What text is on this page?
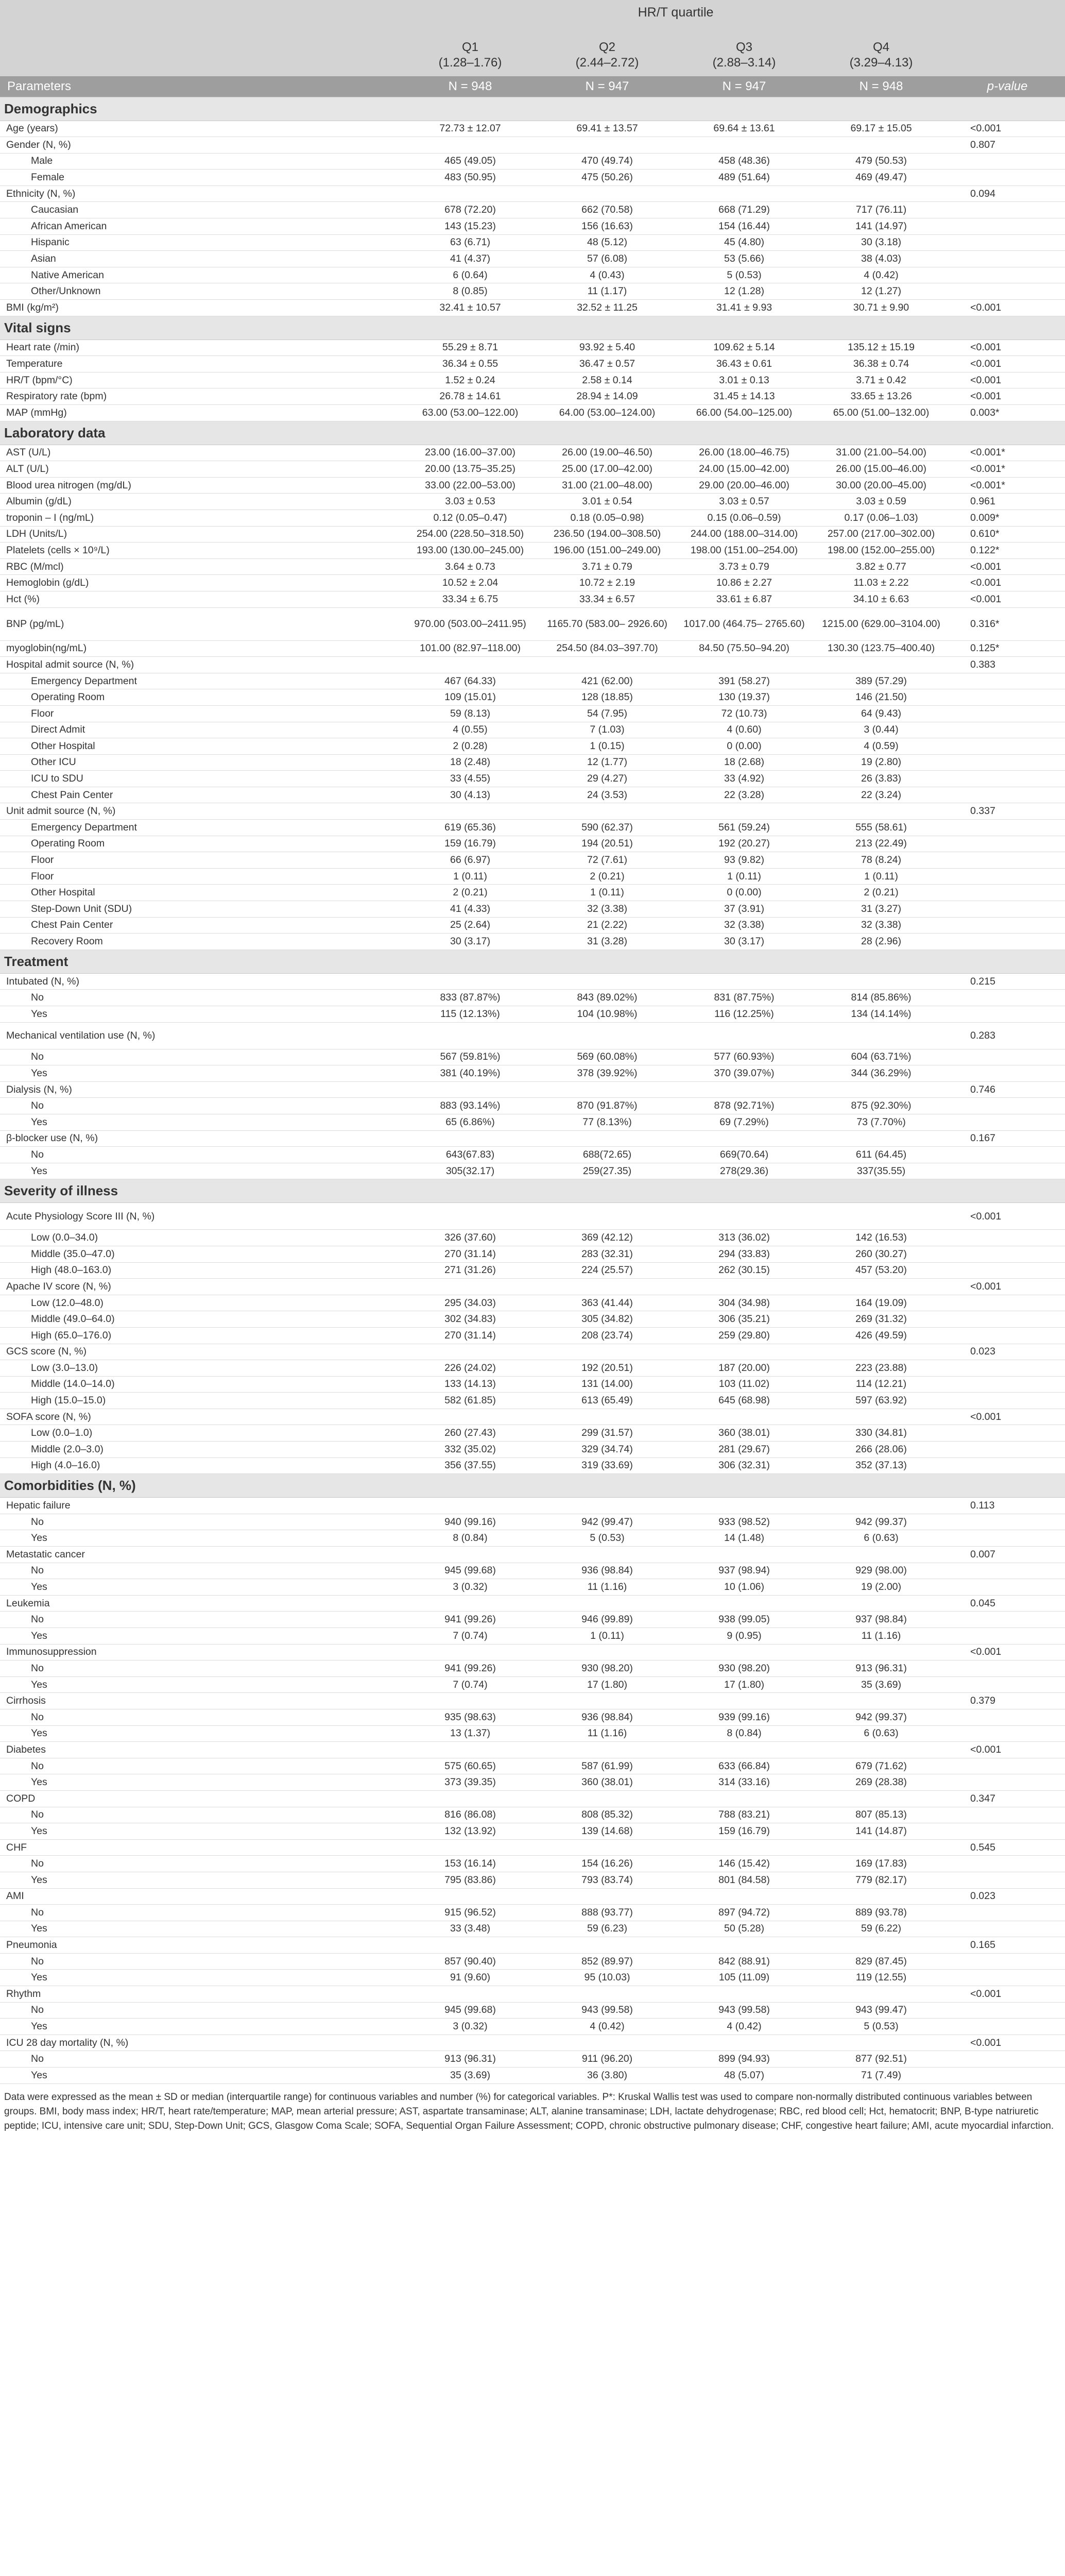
	HR/T quartile				
	Q1	Q2	Q3	Q4	
	(1.28–1.76)	(2.44–2.72)	(2.88–3.14)	(3.29–4.13)	
Parameters	N = 948	N = 947	N = 947	N = 948	p-value
Demographics					
Age (years)	72.73 ± 12.07	69.41 ± 13.57	69.64 ± 13.61	69.17 ± 15.05	<0.001
Gender (N, %)					0.807
Male	465 (49.05)	470 (49.74)	458 (48.36)	479 (50.53)	
Female	483 (50.95)	475 (50.26)	489 (51.64)	469 (49.47)	
Ethnicity (N, %)					0.094
Caucasian	678 (72.20)	662 (70.58)	668 (71.29)	717 (76.11)	
African American	143 (15.23)	156 (16.63)	154 (16.44)	141 (14.97)	
Hispanic	63 (6.71)	48 (5.12)	45 (4.80)	30 (3.18)	
Asian	41 (4.37)	57 (6.08)	53 (5.66)	38 (4.03)	
Native American	6 (0.64)	4 (0.43)	5 (0.53)	4 (0.42)	
Other/Unknown	8 (0.85)	11 (1.17)	12 (1.28)	12 (1.27)	
BMI (kg/m²)	32.41 ± 10.57	32.52 ± 11.25	31.41 ± 9.93	30.71 ± 9.90	<0.001
Vital signs					
Heart rate (/min)	55.29 ± 8.71	93.92 ± 5.40	109.62 ± 5.14	135.12 ± 15.19	<0.001
Temperature	36.34 ± 0.55	36.47 ± 0.57	36.43 ± 0.61	36.38 ± 0.74	<0.001
HR/T (bpm/°C)	1.52 ± 0.24	2.58 ± 0.14	3.01 ± 0.13	3.71 ± 0.42	<0.001
Respiratory rate (bpm)	26.78 ± 14.61	28.94 ± 14.09	31.45 ± 14.13	33.65 ± 13.26	<0.001
MAP (mmHg)	63.00 (53.00–122.00)	64.00 (53.00–124.00)	66.00 (54.00–125.00)	65.00 (51.00–132.00)	0.003*
Laboratory data					
AST (U/L)	23.00 (16.00–37.00)	26.00 (19.00–46.50)	26.00 (18.00–46.75)	31.00 (21.00–54.00)	<0.001*
ALT (U/L)	20.00 (13.75–35.25)	25.00 (17.00–42.00)	24.00 (15.00–42.00)	26.00 (15.00–46.00)	<0.001*
Blood urea nitrogen (mg/dL)	33.00 (22.00–53.00)	31.00 (21.00–48.00)	29.00 (20.00–46.00)	30.00 (20.00–45.00)	<0.001*
Albumin (g/dL)	3.03 ± 0.53	3.01 ± 0.54	3.03 ± 0.57	3.03 ± 0.59	0.961
troponin – I (ng/mL)	0.12 (0.05–0.47)	0.18 (0.05–0.98)	0.15 (0.06–0.59)	0.17 (0.06–1.03)	0.009*
LDH (Units/L)	254.00 (228.50–318.50)	236.50 (194.00–308.50)	244.00 (188.00–314.00)	257.00 (217.00–302.00)	0.610*
Platelets (cells × 10⁹/L)	193.00 (130.00–245.00)	196.00 (151.00–249.00)	198.00 (151.00–254.00)	198.00 (152.00–255.00)	0.122*
RBC (M/mcl)	3.64 ± 0.73	3.71 ± 0.79	3.73 ± 0.79	3.82 ± 0.77	<0.001
Hemoglobin (g/dL)	10.52 ± 2.04	10.72 ± 2.19	10.86 ± 2.27	11.03 ± 2.22	<0.001
Hct (%)	33.34 ± 6.75	33.34 ± 6.57	33.61 ± 6.87	34.10 ± 6.63	<0.001
BNP (pg/mL)	970.00 (503.00–2411.95)	1165.70 (583.00– 2926.60)	1017.00 (464.75– 2765.60)	1215.00 (629.00–3104.00)	0.316*
myoglobin(ng/mL)	101.00 (82.97–118.00)	254.50 (84.03–397.70)	84.50 (75.50–94.20)	130.30 (123.75–400.40)	0.125*
Hospital admit source (N, %)					0.383
Emergency Department	467 (64.33)	421 (62.00)	391 (58.27)	389 (57.29)	
Operating Room	109 (15.01)	128 (18.85)	130 (19.37)	146 (21.50)	
Floor	59 (8.13)	54 (7.95)	72 (10.73)	64 (9.43)	
Direct Admit	4 (0.55)	7 (1.03)	4 (0.60)	3 (0.44)	
Other Hospital	2 (0.28)	1 (0.15)	0 (0.00)	4 (0.59)	
Other ICU	18 (2.48)	12 (1.77)	18 (2.68)	19 (2.80)	
ICU to SDU	33 (4.55)	29 (4.27)	33 (4.92)	26 (3.83)	
Chest Pain Center	30 (4.13)	24 (3.53)	22 (3.28)	22 (3.24)	
Unit admit source (N, %)					0.337
Emergency Department	619 (65.36)	590 (62.37)	561 (59.24)	555 (58.61)	
Operating Room	159 (16.79)	194 (20.51)	192 (20.27)	213 (22.49)	
Floor	66 (6.97)	72 (7.61)	93 (9.82)	78 (8.24)	
Floor	1 (0.11)	2 (0.21)	1 (0.11)	1 (0.11)	
Other Hospital	2 (0.21)	1 (0.11)	0 (0.00)	2 (0.21)	
Step-Down Unit (SDU)	41 (4.33)	32 (3.38)	37 (3.91)	31 (3.27)	
Chest Pain Center	25 (2.64)	21 (2.22)	32 (3.38)	32 (3.38)	
Recovery Room	30 (3.17)	31 (3.28)	30 (3.17)	28 (2.96)	
Treatment					
Intubated (N, %)					0.215
No	833 (87.87%)	843 (89.02%)	831 (87.75%)	814 (85.86%)	
Yes	115 (12.13%)	104 (10.98%)	116 (12.25%)	134 (14.14%)	
Mechanical ventilation use (N, %)					0.283
No	567 (59.81%)	569 (60.08%)	577 (60.93%)	604 (63.71%)	
Yes	381 (40.19%)	378 (39.92%)	370 (39.07%)	344 (36.29%)	
Dialysis (N, %)					0.746
No	883 (93.14%)	870 (91.87%)	878 (92.71%)	875 (92.30%)	
Yes	65 (6.86%)	77 (8.13%)	69 (7.29%)	73 (7.70%)	
β-blocker use (N, %)					0.167
No	643(67.83)	688(72.65)	669(70.64)	611 (64.45)	
Yes	305(32.17)	259(27.35)	278(29.36)	337(35.55)	
Severity of illness					
Acute Physiology Score III (N, %)					<0.001
Low (0.0–34.0)	326 (37.60)	369 (42.12)	313 (36.02)	142 (16.53)	
Middle (35.0–47.0)	270 (31.14)	283 (32.31)	294 (33.83)	260 (30.27)	
High (48.0–163.0)	271 (31.26)	224 (25.57)	262 (30.15)	457 (53.20)	
Apache IV score (N, %)					<0.001
Low (12.0–48.0)	295 (34.03)	363 (41.44)	304 (34.98)	164 (19.09)	
Middle (49.0–64.0)	302 (34.83)	305 (34.82)	306 (35.21)	269 (31.32)	
High (65.0–176.0)	270 (31.14)	208 (23.74)	259 (29.80)	426 (49.59)	
GCS score (N, %)					0.023
Low (3.0–13.0)	226 (24.02)	192 (20.51)	187 (20.00)	223 (23.88)	
Middle (14.0–14.0)	133 (14.13)	131 (14.00)	103 (11.02)	114 (12.21)	
High (15.0–15.0)	582 (61.85)	613 (65.49)	645 (68.98)	597 (63.92)	
SOFA score (N, %)					<0.001
Low (0.0–1.0)	260 (27.43)	299 (31.57)	360 (38.01)	330 (34.81)	
Middle (2.0–3.0)	332 (35.02)	329 (34.74)	281 (29.67)	266 (28.06)	
High (4.0–16.0)	356 (37.55)	319 (33.69)	306 (32.31)	352 (37.13)	
Comorbidities (N, %)					
Hepatic failure					0.113
No	940 (99.16)	942 (99.47)	933 (98.52)	942 (99.37)	
Yes	8 (0.84)	5 (0.53)	14 (1.48)	6 (0.63)	
Metastatic cancer					0.007
No	945 (99.68)	936 (98.84)	937 (98.94)	929 (98.00)	
Yes	3 (0.32)	11 (1.16)	10 (1.06)	19 (2.00)	
Leukemia					0.045
No	941 (99.26)	946 (99.89)	938 (99.05)	937 (98.84)	
Yes	7 (0.74)	1 (0.11)	9 (0.95)	11 (1.16)	
Immunosuppression					<0.001
No	941 (99.26)	930 (98.20)	930 (98.20)	913 (96.31)	
Yes	7 (0.74)	17 (1.80)	17 (1.80)	35 (3.69)	
Cirrhosis					0.379
No	935 (98.63)	936 (98.84)	939 (99.16)	942 (99.37)	
Yes	13 (1.37)	11 (1.16)	8 (0.84)	6 (0.63)	
Diabetes					<0.001
No	575 (60.65)	587 (61.99)	633 (66.84)	679 (71.62)	
Yes	373 (39.35)	360 (38.01)	314 (33.16)	269 (28.38)	
COPD					0.347
No	816 (86.08)	808 (85.32)	788 (83.21)	807 (85.13)	
Yes	132 (13.92)	139 (14.68)	159 (16.79)	141 (14.87)	
CHF					0.545
No	153 (16.14)	154 (16.26)	146 (15.42)	169 (17.83)	
Yes	795 (83.86)	793 (83.74)	801 (84.58)	779 (82.17)	
AMI					0.023
No	915 (96.52)	888 (93.77)	897 (94.72)	889 (93.78)	
Yes	33 (3.48)	59 (6.23)	50 (5.28)	59 (6.22)	
Pneumonia					0.165
No	857 (90.40)	852 (89.97)	842 (88.91)	829 (87.45)	
Yes	91 (9.60)	95 (10.03)	105 (11.09)	119 (12.55)	
Rhythm					<0.001
No	945 (99.68)	943 (99.58)	943 (99.58)	943 (99.47)	
Yes	3 (0.32)	4 (0.42)	4 (0.42)	5 (0.53)	
ICU 28 day mortality (N, %)					<0.001
No	913 (96.31)	911 (96.20)	899 (94.93)	877 (92.51)	
Yes	35 (3.69)	36 (3.80)	48 (5.07)	71 (7.49)	
Data were expressed as the mean ± SD or median (interquartile range) for continuous variables and number (%) for categorical variables. P*: Kruskal Wallis test was used to compare non-normally distributed continuous variables between groups. BMI, body mass index; HR/T, heart rate/temperature; MAP, mean arterial pressure; AST, aspartate transaminase; ALT, alanine transaminase; LDH, lactate dehydrogenase; RBC, red blood cell; Hct, hematocrit; BNP, B-type natriuretic peptide; ICU, intensive care unit; SDU, Step-Down Unit; GCS, Glasgow Coma Scale; SOFA, Sequential Organ Failure Assessment; COPD, chronic obstructive pulmonary disease; CHF, congestive heart failure; AMI, acute myocardial infarction.
